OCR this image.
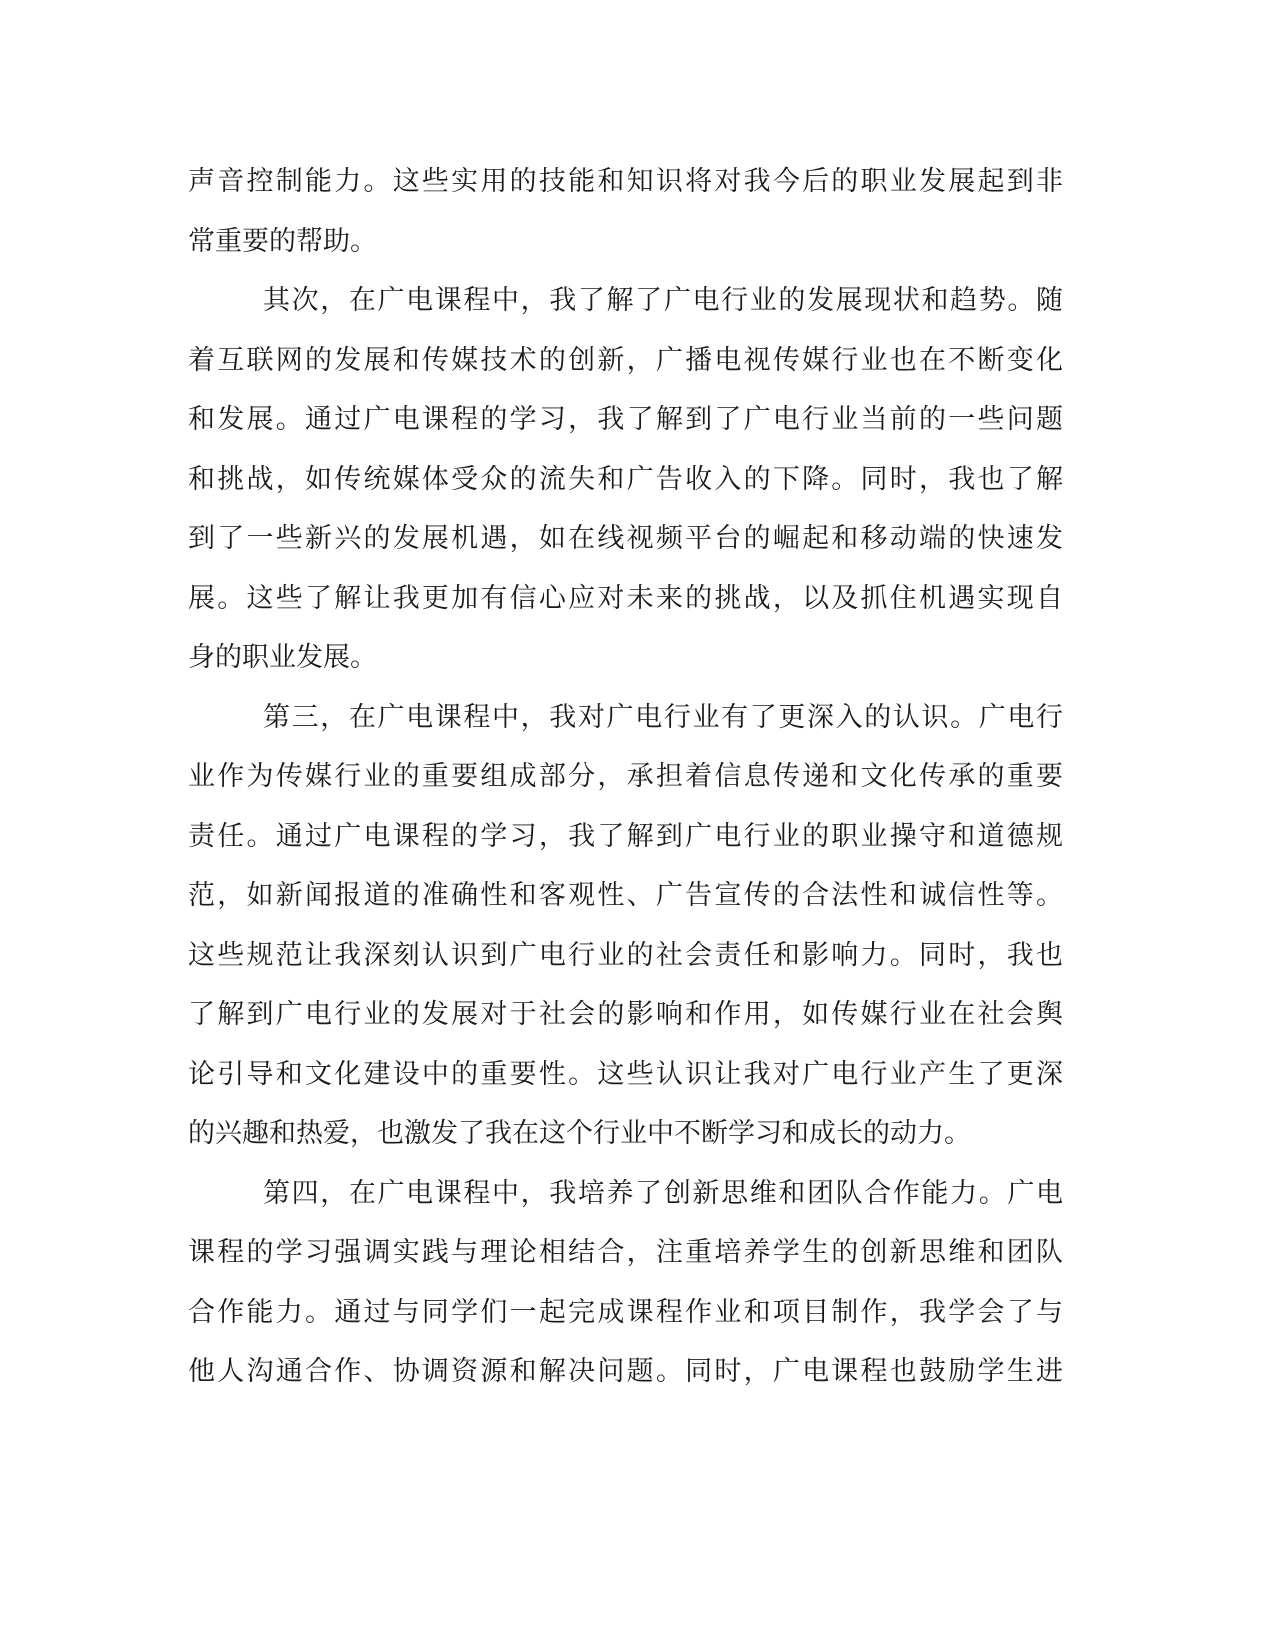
声音控制能力。这些实用的技能和知识将对我今后的职业发展起到非
常重要的帮助。
其次，在广电课程中，我了解了广电行业的发展现状和趋势。随
着互联网的发展和传媒技术的创新，广播电视传媒行业也在不断变化
和发展。通过广电课程的学习，我了解到了广电行业当前的一些问题
和挑战，如传统媒体受众的流失和广告收入的下降。同时，我也了解
到了一些新兴的发展机遇，如在线视频平台的崛起和移动端的快速发
展。这些了解让我更加有信心应对未来的挑战，以及抓住机遇实现自
身的职业发展。
第三，在广电课程中，我对广电行业有了更深入的认识。广电行
业作为传媒行业的重要组成部分，承担着信息传递和文化传承的重要
责任。通过广电课程的学习，我了解到广电行业的职业操守和道德规
范，如新闻报道的准确性和客观性、广告宣传的合法性和诚信性等。
这些规范让我深刻认识到广电行业的社会责任和影响力。同时，我也
了解到广电行业的发展对于社会的影响和作用，如传媒行业在社会舆
论引导和文化建设中的重要性。这些认识让我对广电行业产生了更深
的兴趣和热爱，也激发了我在这个行业中不断学习和成长的动力。
第四，在广电课程中，我培养了创新思维和团队合作能力。广电
课程的学习强调实践与理论相结合，注重培养学生的创新思维和团队
合作能力。通过与同学们一起完成课程作业和项目制作，我学会了与
他人沟通合作、协调资源和解决问题。同时，广电课程也鼓励学生进
